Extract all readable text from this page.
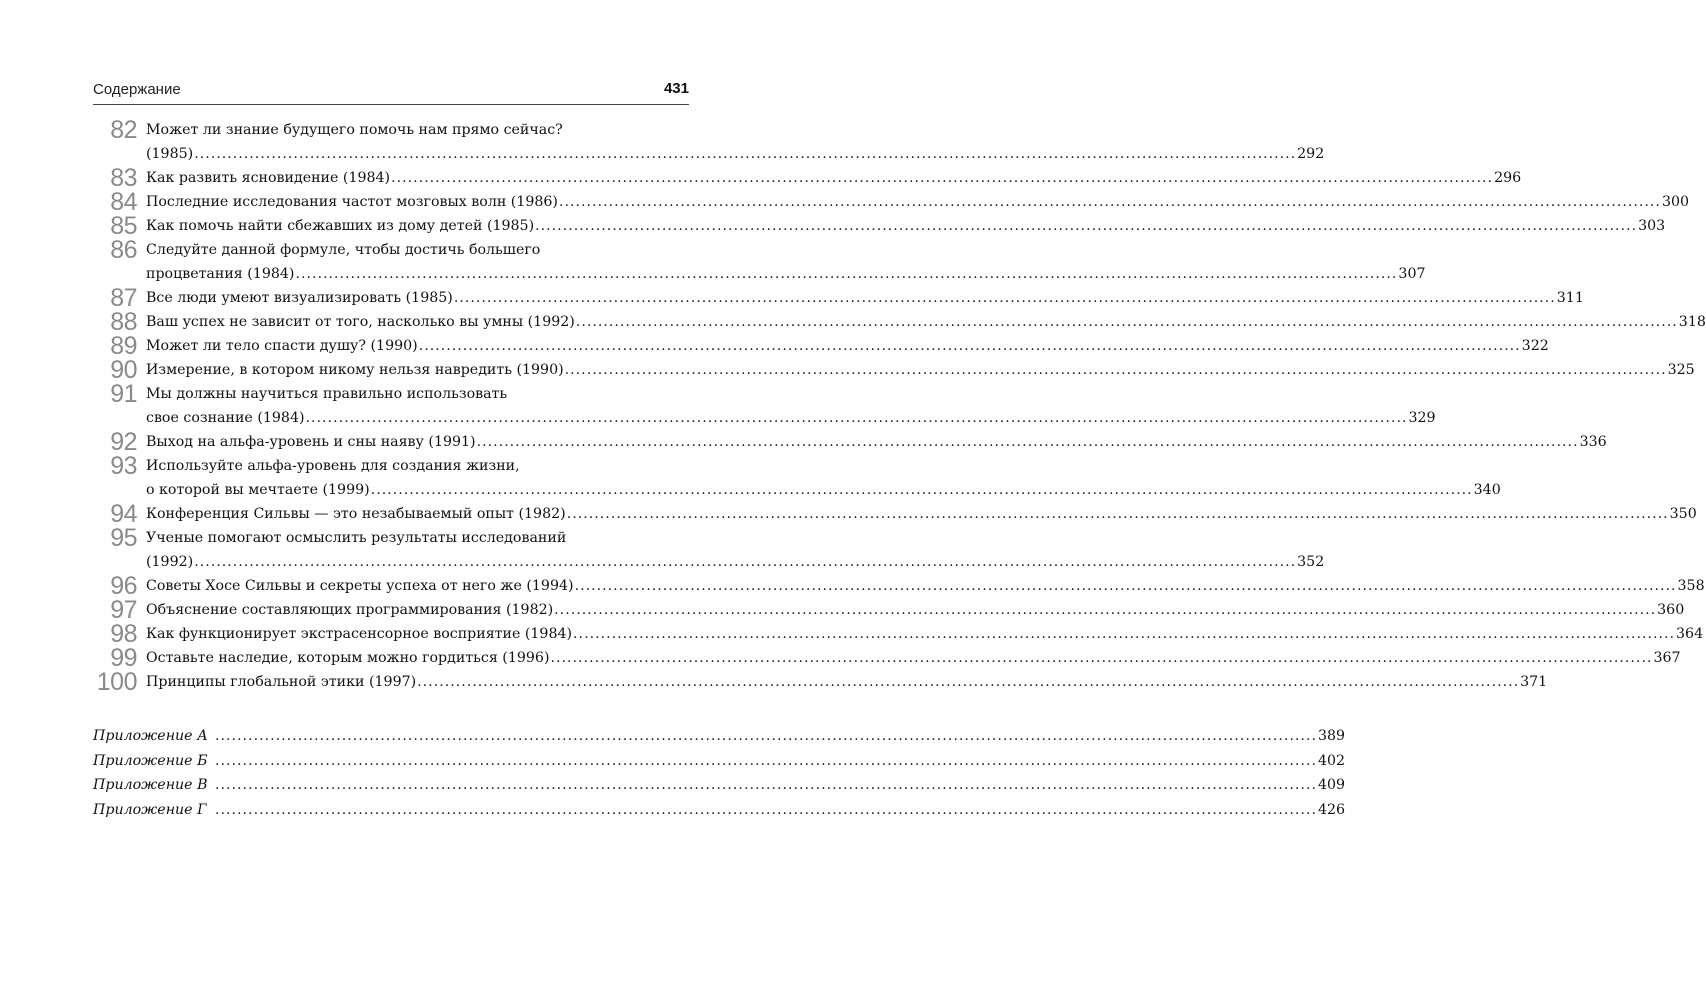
Содержание	431
82 Может ли знание будущего помочь нам прямо сейчас?
(1985) .....	292
83 Как развить ясновидение (1984) .....	296
84 Последние исследования частот мозговых волн (1986) .....	300
85 Как помочь найти сбежавших из дому детей (1985) .....	303
86 Следуйте данной формуле, чтобы достичь большего
процветания (1984) .....	307
87 Все люди умеют визуализировать (1985) .....	311
88 Ваш успех не зависит от того, насколько вы умны (1992) .....	318
89 Может ли тело спасти душу? (1990) .....	322
90 Измерение, в котором никому нельзя навредить (1990) .....	325
91 Мы должны научиться правильно использовать
свое сознание (1984) .....	329
92 Выход на альфа-уровень и сны наяву (1991) .....	336
93 Используйте альфа-уровень для создания жизни,
о которой вы мечтаете (1999) .....	340
94 Конференция Сильвы — это незабываемый опыт (1982) .....	350
95 Ученые помогают осмыслить результаты исследований
(1992) .....	352
96 Советы Хосе Сильвы и секреты успеха от него же (1994) .....	358
97 Объяснение составляющих программирования (1982) .....	360
98 Как функционирует экстрасенсорное восприятие (1984) .....	364
99 Оставьте наследие, которым можно гордиться (1996) .....	367
100 Принципы глобальной этики (1997) .....	371
Приложение А .....	389
Приложение Б .....	402
Приложение В .....	409
Приложение Г .....	426
